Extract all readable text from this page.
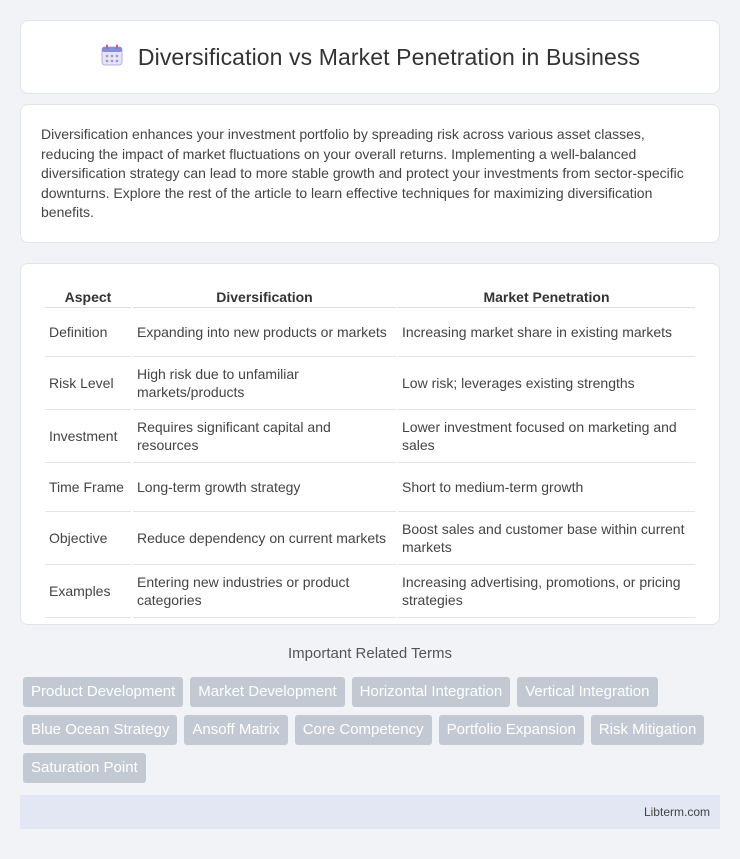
Diversification vs Market Penetration in Business

Diversification enhances your investment portfolio by spreading risk across various asset classes, reducing the impact of market fluctuations on your overall returns. Implementing a well-balanced diversification strategy can lead to more stable growth and protect your investments from sector-specific downturns. Explore the rest of the article to learn effective techniques for maximizing diversification benefits.

Aspect	Diversification	Market Penetration
Definition	Expanding into new products or markets	Increasing market share in existing markets
Risk Level	High risk due to unfamiliar markets/products	Low risk; leverages existing strengths
Investment	Requires significant capital and resources	Lower investment focused on marketing and sales
Time Frame	Long-term growth strategy	Short to medium-term growth
Objective	Reduce dependency on current markets	Boost sales and customer base within current markets
Examples	Entering new industries or product categories	Increasing advertising, promotions, or pricing strategies
Important Related Terms
Product Development	Market Development	Horizontal Integration	Vertical Integration
Blue Ocean Strategy	Ansoff Matrix	Core Competency	Portfolio Expansion	Risk Mitigation
Saturation Point
Libterm.com
